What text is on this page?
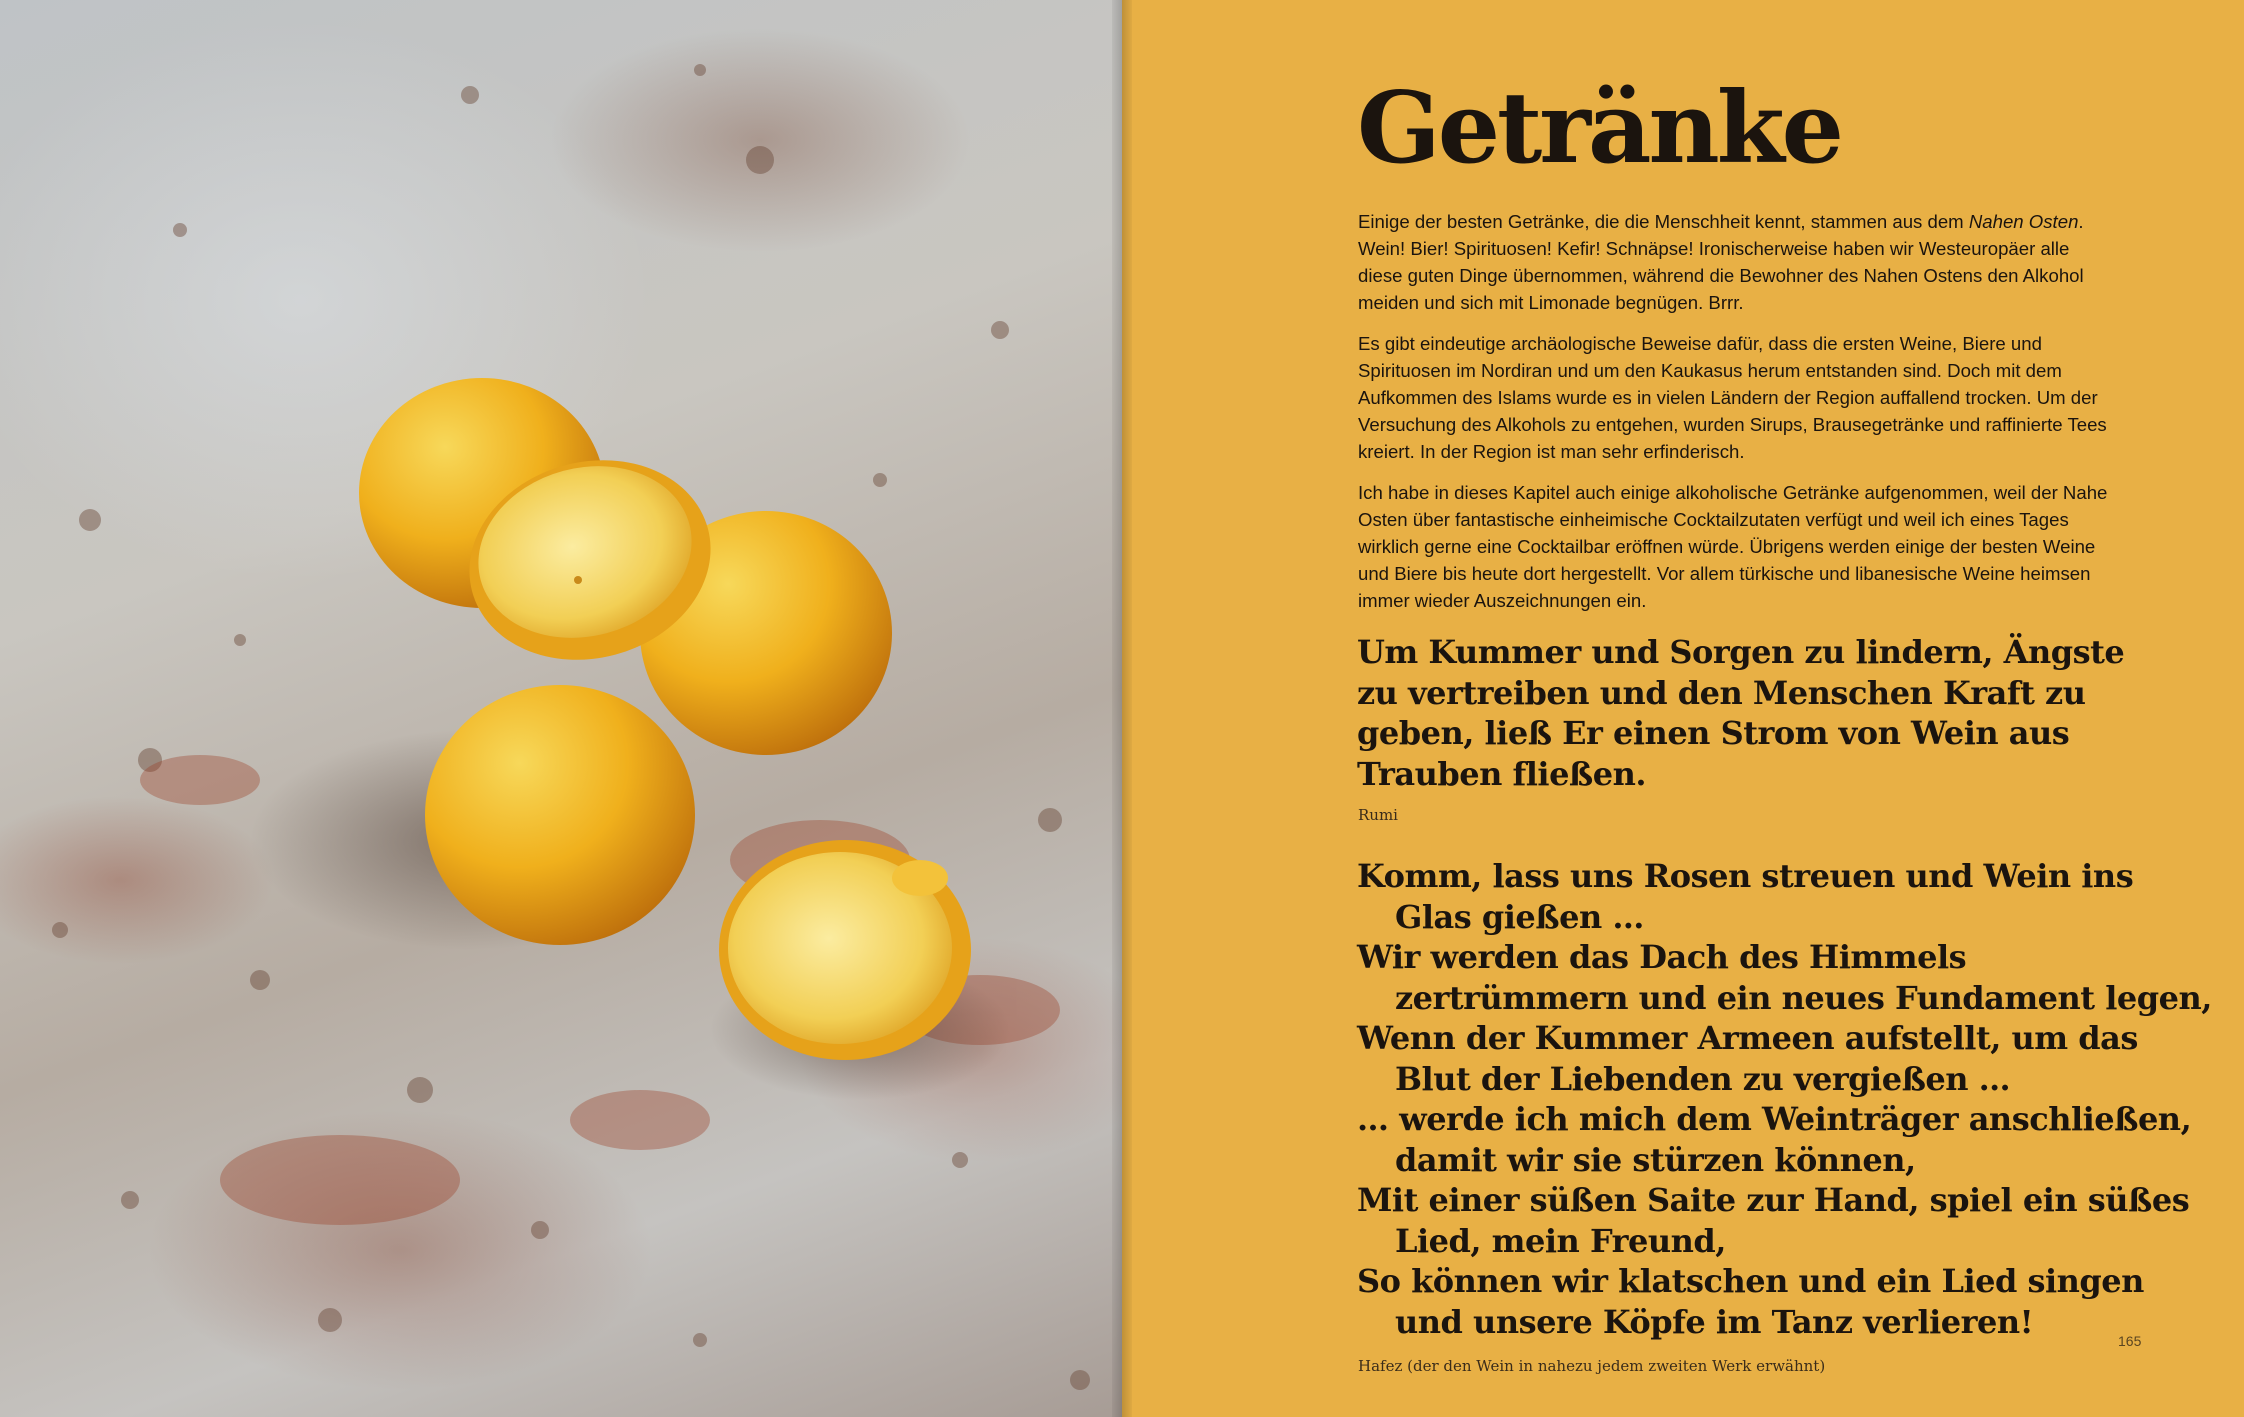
Getränke

Einige der besten Getränke, die die Menschheit kennt, stammen aus dem Nahen Osten. Wein! Bier! Spirituosen! Kefir! Schnäpse! Ironischerweise haben wir Westeuropäer alle diese guten Dinge übernommen, während die Bewohner des Nahen Ostens den Alkohol meiden und sich mit Limonade begnügen. Brrr.

Es gibt eindeutige archäologische Beweise dafür, dass die ersten Weine, Biere und Spirituosen im Nordiran und um den Kaukasus herum entstanden sind. Doch mit dem Aufkommen des Islams wurde es in vielen Ländern der Region auffallend trocken. Um der Versuchung des Alkohols zu entgehen, wurden Sirups, Brausegetränke und raffinierte Tees kreiert. In der Region ist man sehr erfinderisch.

Ich habe in dieses Kapitel auch einige alkoholische Getränke aufgenommen, weil der Nahe Osten über fantastische einheimische Cocktailzutaten verfügt und weil ich eines Tages wirklich gerne eine Cocktailbar eröffnen würde. Übrigens werden einige der besten Weine und Biere bis heute dort hergestellt. Vor allem türkische und libanesische Weine heimsen immer wieder Auszeichnungen ein.

Um Kummer und Sorgen zu lindern, Ängste zu vertreiben und den Menschen Kraft zu geben, ließ Er einen Strom von Wein aus Trauben fließen.
Rumi
Komm, lass uns Rosen streuen und Wein ins
Glas gießen …
Wir werden das Dach des Himmels
zertrümmern und ein neues Fundament legen,
Wenn der Kummer Armeen aufstellt, um das
Blut der Liebenden zu vergießen …
… werde ich mich dem Weinträger anschließen,
damit wir sie stürzen können,
Mit einer süßen Saite zur Hand, spiel ein süßes
Lied, mein Freund,
So können wir klatschen und ein Lied singen
und unsere Köpfe im Tanz verlieren!
Hafez (der den Wein in nahezu jedem zweiten Werk erwähnt)
165
